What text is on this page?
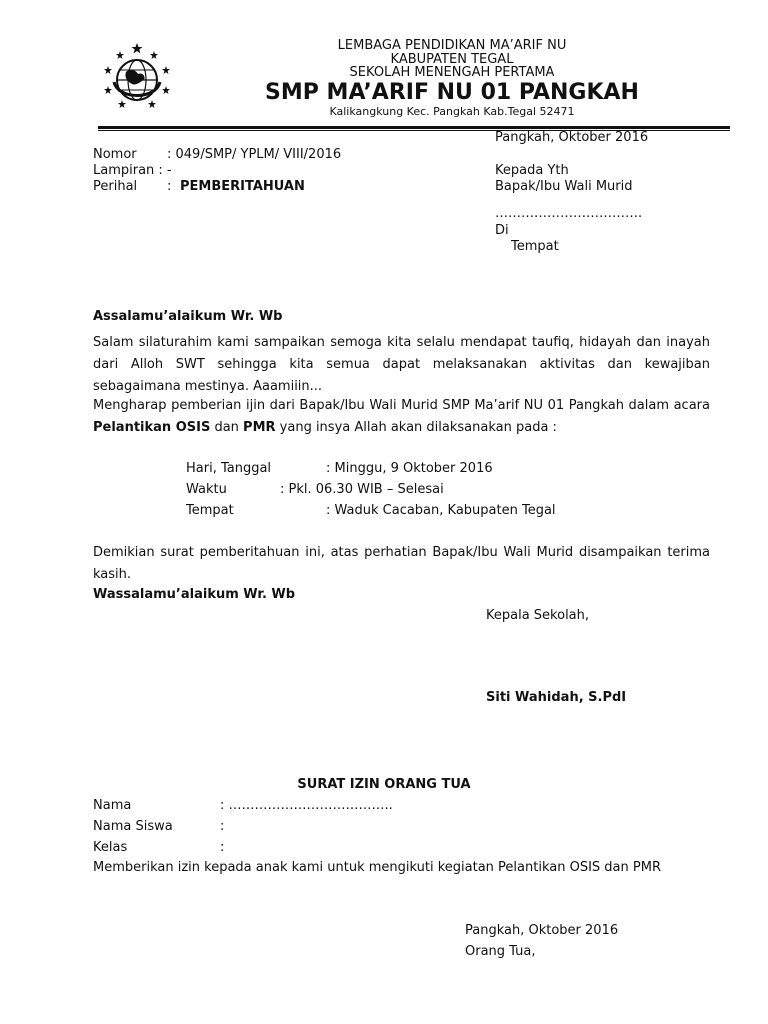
LEMBAGA PENDIDIKAN MA’ARIF NU
KABUPATEN TEGAL
SEKOLAH MENENGAH PERTAMA
SMP MA’ARIF NU 01 PANGKAH
Kalikangkung Kec. Pangkah Kab.Tegal 52471
Pangkah, Oktober 2016
Nomor : 049/SMP/ YPLM/ VIII/2016
Lampiran : -
Perihal : PEMBERITAHUAN
Kepada Yth
Bapak/Ibu Wali Murid
…………………………….
Di
Tempat
Assalamu’alaikum Wr. Wb

Salam silaturahim kami sampaikan semoga kita selalu mendapat taufiq, hidayah dan inayah dari Alloh SWT sehingga kita semua dapat melaksanakan aktivitas dan kewajiban sebagaimana mestinya. Aaamiiin...

Mengharap pemberian ijin dari Bapak/Ibu Wali Murid SMP Ma’arif NU 01 Pangkah dalam acara Pelantikan OSIS dan PMR yang insya Allah akan dilaksanakan pada :

Hari, Tanggal	: Minggu, 9 Oktober 2016
Waktu	: Pkl. 06.30 WIB – Selesai
Tempat	: Waduk Cacaban, Kabupaten Tegal

Demikian surat pemberitahuan ini, atas perhatian Bapak/Ibu Wali Murid disampaikan terima kasih.

Wassalamu’alaikum Wr. Wb
Kepala Sekolah,
Siti Wahidah, S.PdI
SURAT IZIN ORANG TUA
Nama	: ………………………………..
Nama Siswa	:
Kelas	:

Memberikan izin kepada anak kami untuk mengikuti kegiatan Pelantikan OSIS dan PMR

Pangkah, Oktober 2016
Orang Tua,
